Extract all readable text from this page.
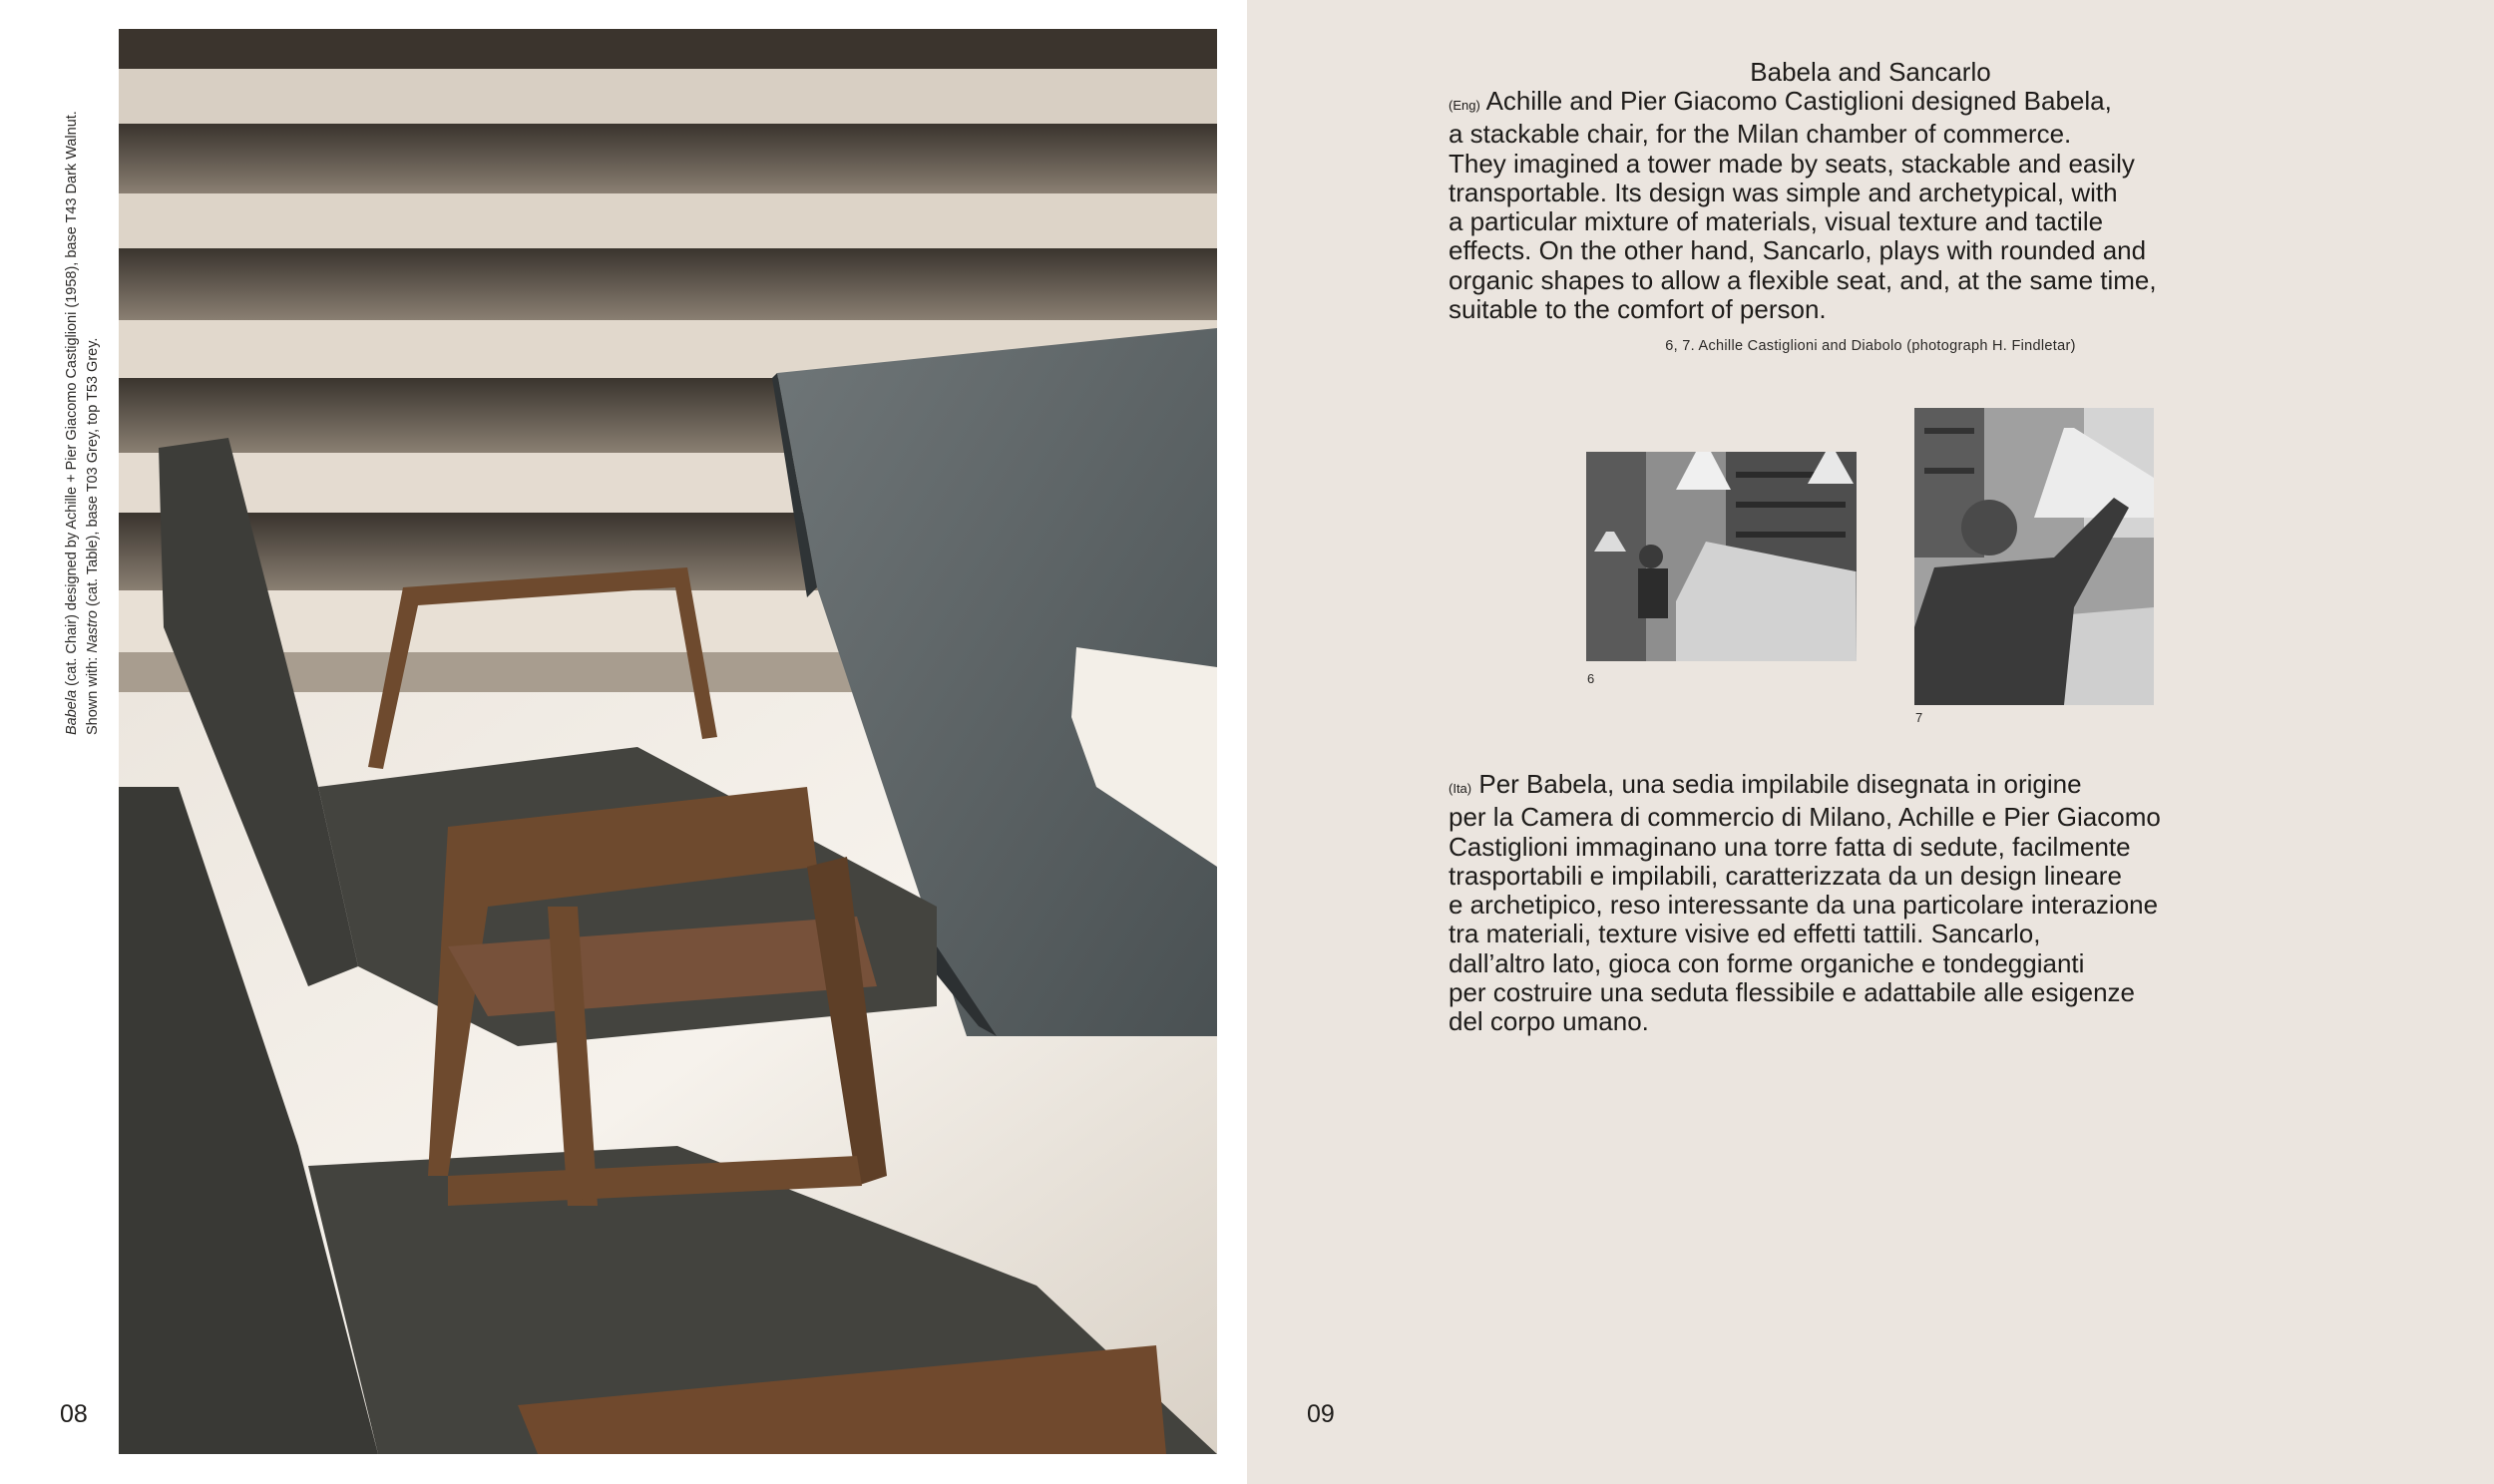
Babela (cat. Chair) designed by Achille + Pier Giacomo Castiglioni (1958), base T43 Dark Walnut.
Shown with: Nastro (cat. Table), base T03 Grey, top T53 Grey.
08
Babela and Sancarlo
(Eng) Achille and Pier Giacomo Castiglioni designed Babela,
a stackable chair, for the Milan chamber of commerce.
They imagined a tower made by seats, stackable and easily
transportable. Its design was simple and archetypical, with
a particular mixture of materials, visual texture and tactile
effects. On the other hand, Sancarlo, plays with rounded and
organic shapes to allow a flexible seat, and, at the same time,
suitable to the comfort of person.
6, 7. Achille Castiglioni and Diabolo (photograph H. Findletar)
6
7
(Ita) Per Babela, una sedia impilabile disegnata in origine
per la Camera di commercio di Milano, Achille e Pier Giacomo
Castiglioni immaginano una torre fatta di sedute, facilmente
trasportabili e impilabili, caratterizzata da un design lineare
e archetipico, reso interessante da una particolare interazione
tra materiali, texture visive ed effetti tattili. Sancarlo,
dall’altro lato, gioca con forme organiche e tondeggianti
per costruire una seduta flessibile e adattabile alle esigenze
del corpo umano.
09
